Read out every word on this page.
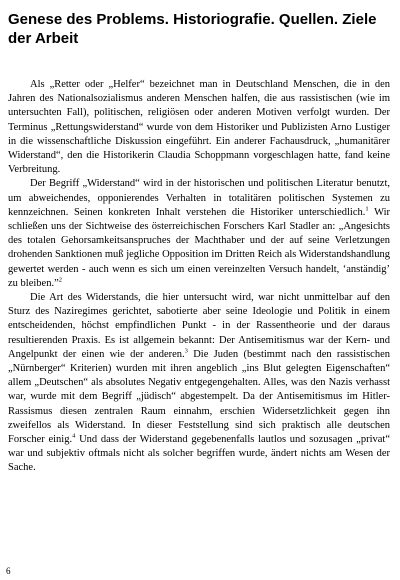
Genese des Problems. Historiografie. Quellen. Ziele der Arbeit

Als „Retter oder „Helfer“ bezeichnet man in Deutschland Menschen, die in den Jahren des Nationalsozialismus anderen Menschen halfen, die aus rassistischen (wie im untersuchten Fall), politischen, religiösen oder anderen Motiven verfolgt wurden. Der Terminus „Rettungswiderstand“ wurde von dem Historiker und Publizisten Arno Lustiger in die wissenschaftliche Diskussion eingeführt. Ein anderer Fachausdruck, „humanitärer Widerstand“, den die Historikerin Claudia Schoppmann vorgeschlagen hatte, fand keine Verbreitung.

Der Begriff „Widerstand“ wird in der historischen und politischen Literatur benutzt, um abweichendes, opponierendes Verhalten in totalitären politischen Systemen zu kennzeichnen. Seinen konkreten Inhalt verstehen die Historiker unterschiedlich.$^1$ Wir schließen uns der Sichtweise des österreichischen Forschers Karl Stadler an: „Angesichts des totalen Gehorsamkeitsanspruches der Machthaber und der auf seine Verletzungen drohenden Sanktionen muß jegliche Opposition im Dritten Reich als Widerstandshandlung gewertet werden - auch wenn es sich um einen vereinzelten Versuch handelt, ‘anständig’ zu bleiben.”$^2$

Die Art des Widerstands, die hier untersucht wird, war nicht unmittelbar auf den Sturz des Naziregimes gerichtet, sabotierte aber seine Ideologie und Politik in einem entscheidenden, höchst empfindlichen Punkt - in der Rassentheorie und der daraus resultierenden Praxis. Es ist allgemein bekannt: Der Antisemitismus war der Kern- und Angelpunkt der einen wie der anderen.$^3$ Die Juden (bestimmt nach den rassistischen „Nürnberger“ Kriterien) wurden mit ihren angeblich „ins Blut gelegten Eigenschaften“ allem „Deutschen“ als absolutes Negativ entgegengehalten. Alles, was den Nazis verhasst war, wurde mit dem Begriff „jüdisch“ abgestempelt. Da der Antisemitismus im Hitler-Rassismus diesen zentralen Raum einnahm, erschien Widersetzlichkeit gegen ihn zweifellos als Widerstand. In dieser Feststellung sind sich praktisch alle deutschen Forscher einig.$^4$ Und dass der Widerstand gegebenenfalls lautlos und sozusagen „privat“ war und subjektiv oftmals nicht als solcher begriffen wurde, ändert nichts am Wesen der Sache.

6
